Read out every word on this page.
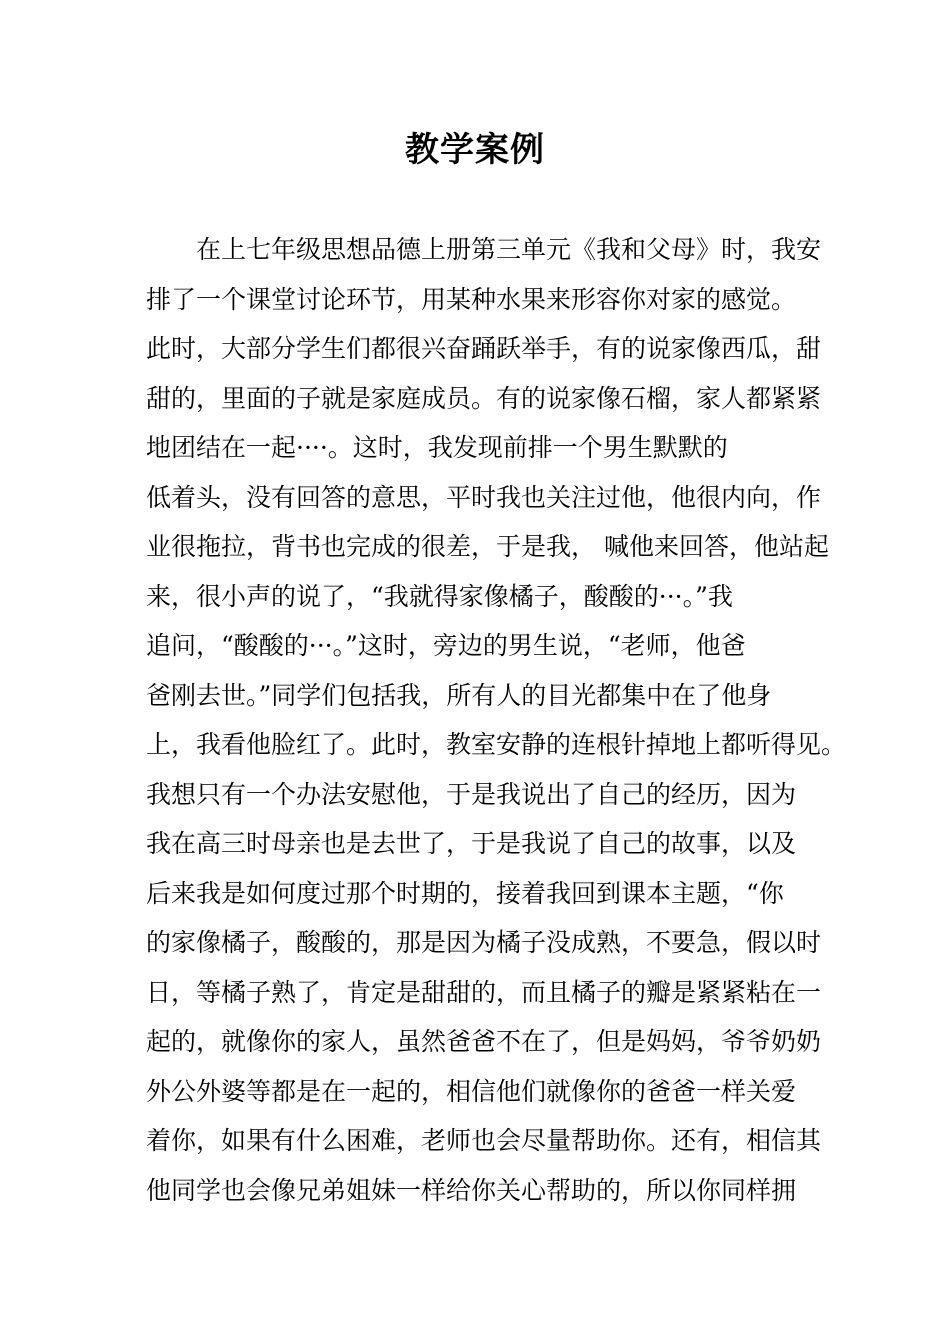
教学案例
在上七年级思想品德上册第三单元《我和父母》时，我安
排了一个课堂讨论环节，用某种水果来形容你对家的感觉。
此时，大部分学生们都很兴奋踊跃举手，有的说家像西瓜，甜
甜的，里面的子就是家庭成员。有的说家像石榴，家人都紧紧
地团结在一起····。这时，我发现前排一个男生默默的
低着头，没有回答的意思，平时我也关注过他，他很内向，作
业很拖拉，背书也完成的很差，于是我， 喊他来回答，他站起
来，很小声的说了，“我就得家像橘子，酸酸的···。”我
追问，“酸酸的···。”这时，旁边的男生说，“老师，他爸
爸刚去世。”同学们包括我，所有人的目光都集中在了他身
上，我看他脸红了。此时，教室安静的连根针掉地上都听得见。
我想只有一个办法安慰他，于是我说出了自己的经历，因为
我在高三时母亲也是去世了，于是我说了自己的故事，以及
后来我是如何度过那个时期的，接着我回到课本主题，“你
的家像橘子，酸酸的，那是因为橘子没成熟，不要急，假以时
日，等橘子熟了，肯定是甜甜的，而且橘子的瓣是紧紧粘在一
起的，就像你的家人，虽然爸爸不在了，但是妈妈，爷爷奶奶
外公外婆等都是在一起的，相信他们就像你的爸爸一样关爱
着你，如果有什么困难，老师也会尽量帮助你。还有，相信其
他同学也会像兄弟姐妹一样给你关心帮助的，所以你同样拥
